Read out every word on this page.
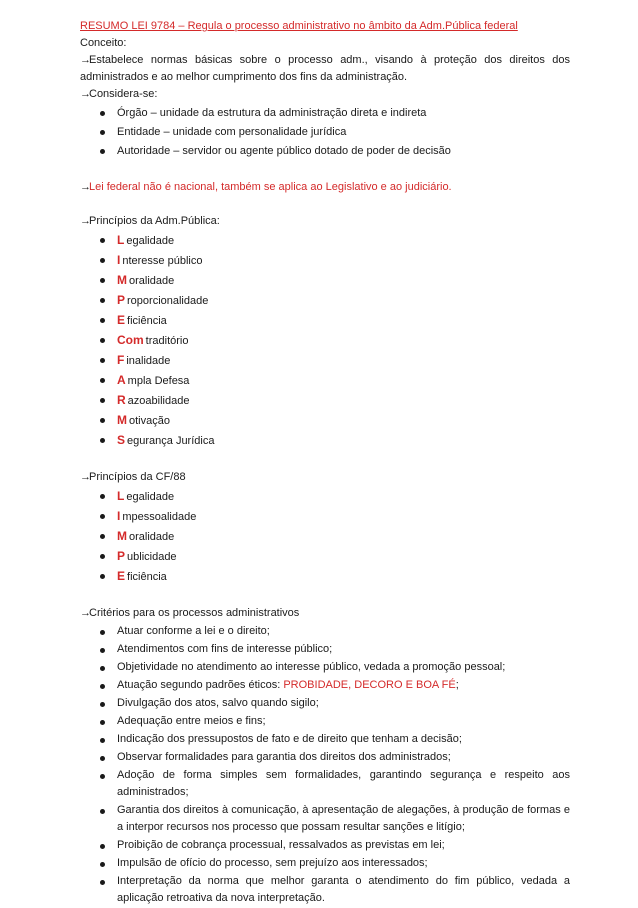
RESUMO LEI 9784 – Regula o processo administrativo no âmbito da Adm.Pública federal
Conceito:
→Estabelece normas básicas sobre o processo adm., visando à proteção dos direitos dos
administrados e ao melhor cumprimento dos fins da administração.
→Considera-se:
Órgão – unidade da estrutura da administração direta e indireta
Entidade – unidade com personalidade jurídica
Autoridade – servidor ou agente público dotado de poder de decisão
→Lei federal não é nacional, também se aplica ao Legislativo e ao judiciário.
→Princípios da Adm.Pública:
L egalidade
I nteresse público
M oralidade
P roporcionalidade
E ficiência
Com traditório
F inalidade
A mpla Defesa
R azoabilidade
M otivação
S egurança Jurídica
→Princípios da CF/88
L egalidade
I mpessoalidade
M oralidade
P ublicidade
E ficiência
→Critérios para os processos administrativos
Atuar conforme a lei e o direito;
Atendimentos com fins de interesse público;
Objetividade no atendimento ao interesse público, vedada a promoção pessoal;
Atuação segundo padrões éticos: PROBIDADE, DECORO E BOA FÉ;
Divulgação dos atos, salvo quando sigilo;
Adequação entre meios e fins;
Indicação dos pressupostos de fato e de direito que tenham a decisão;
Observar formalidades para garantia dos direitos dos administrados;
Adoção de forma simples sem formalidades, garantindo segurança e respeito aos administrados;
Garantia dos direitos à comunicação, à apresentação de alegações, à produção de formas e a interpor recursos nos processo que possam resultar sanções e litígio;
Proibição de cobrança processual, ressalvados as previstas em lei;
Impulsão de ofício do processo, sem prejuízo aos interessados;
Interpretação da norma que melhor garanta o atendimento do fim público, vedada a aplicação retroativa da nova interpretação.
